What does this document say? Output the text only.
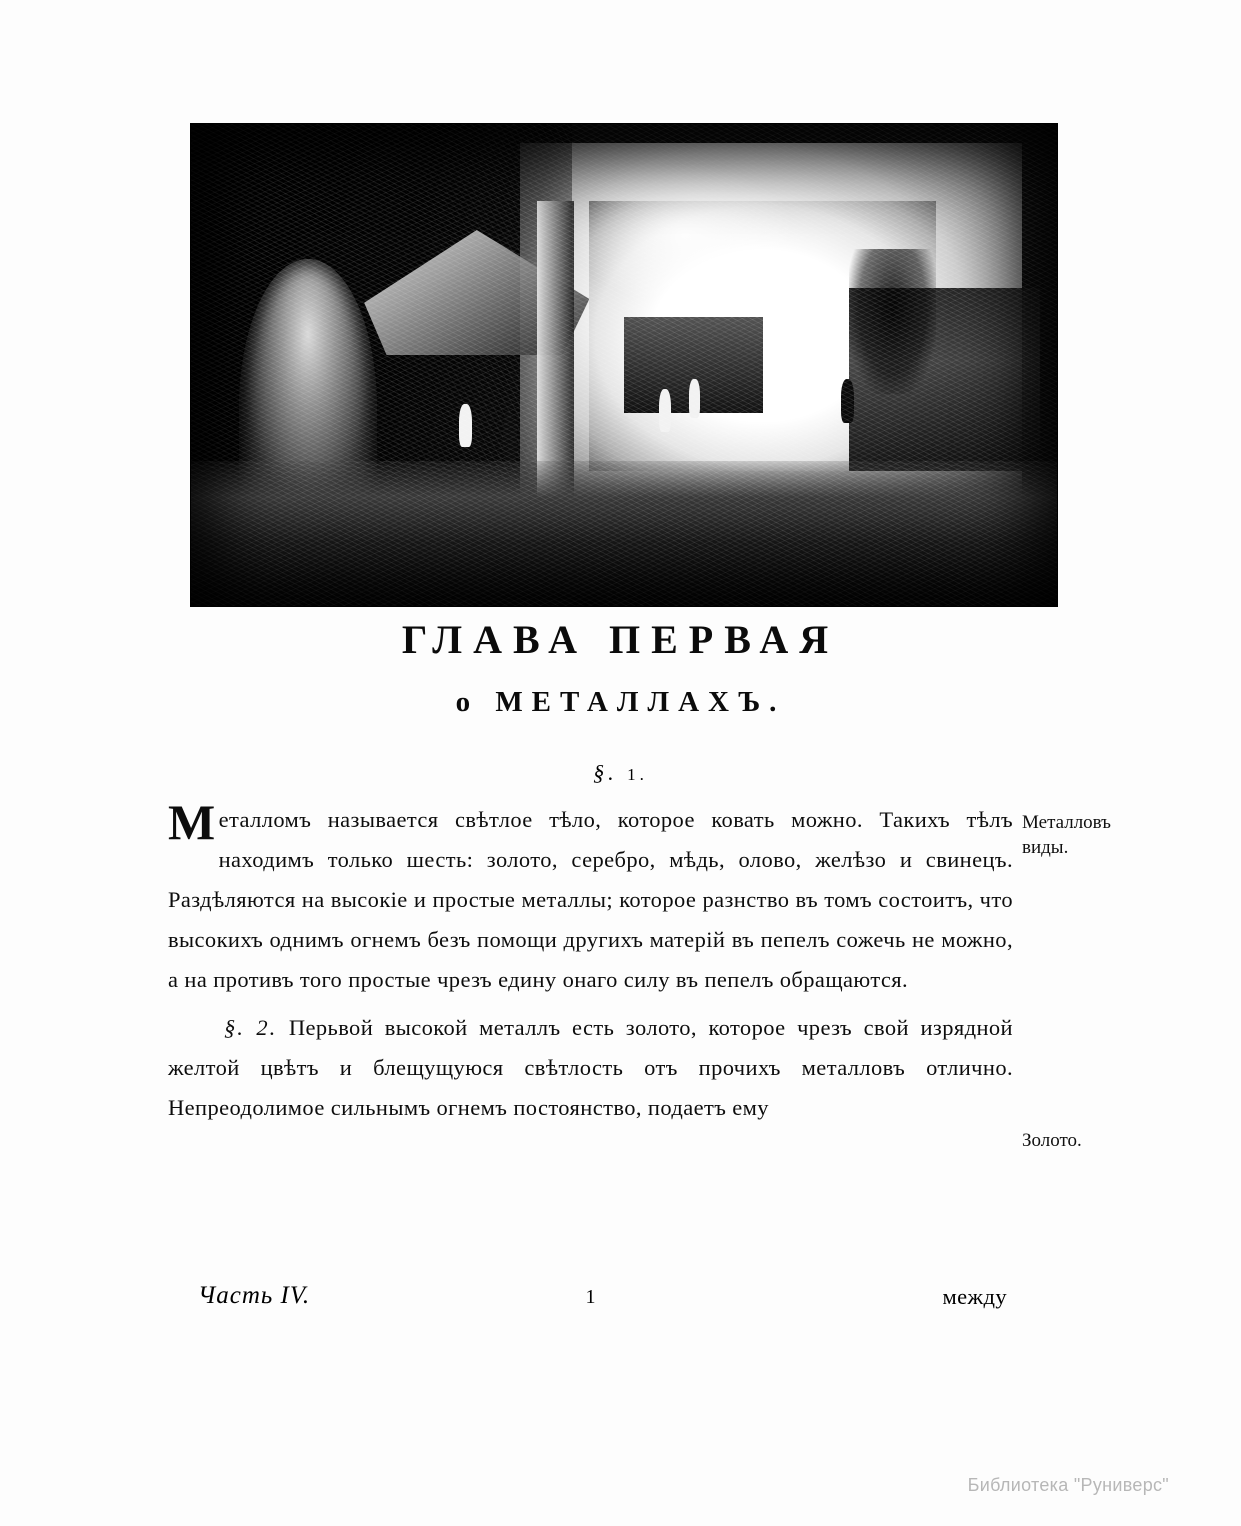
ГЛАВА ПЕРВАЯ
о МЕТАЛЛАХЪ.
§. 1.

Металломъ называется свѣтлое тѣло, которое ковать можно. Такихъ тѣлъ находимъ только шесть: золото, серебро, мѣдь, олово, желѣзо и свинецъ. Раздѣляются на высокіе и простые металлы; которое разнство въ томъ состоитъ, что высокихъ однимъ огнемъ безъ помощи другихъ матерій въ пепелъ сожечь не можно, а на противъ того простые чрезъ едину онаго силу въ пепелъ обращаются.

§. 2. Перьвой высокой металлъ есть золото, которое чрезъ свой изрядной желтой цвѣтъ и блещущуюся свѣтлость отъ прочихъ металловъ отлично. Непреодолимое сильнымъ огнемъ постоянство, подаетъ ему

Металловъ виды.
Золото.
Часть IV.	1	между
Библиотека "Руниверс"
